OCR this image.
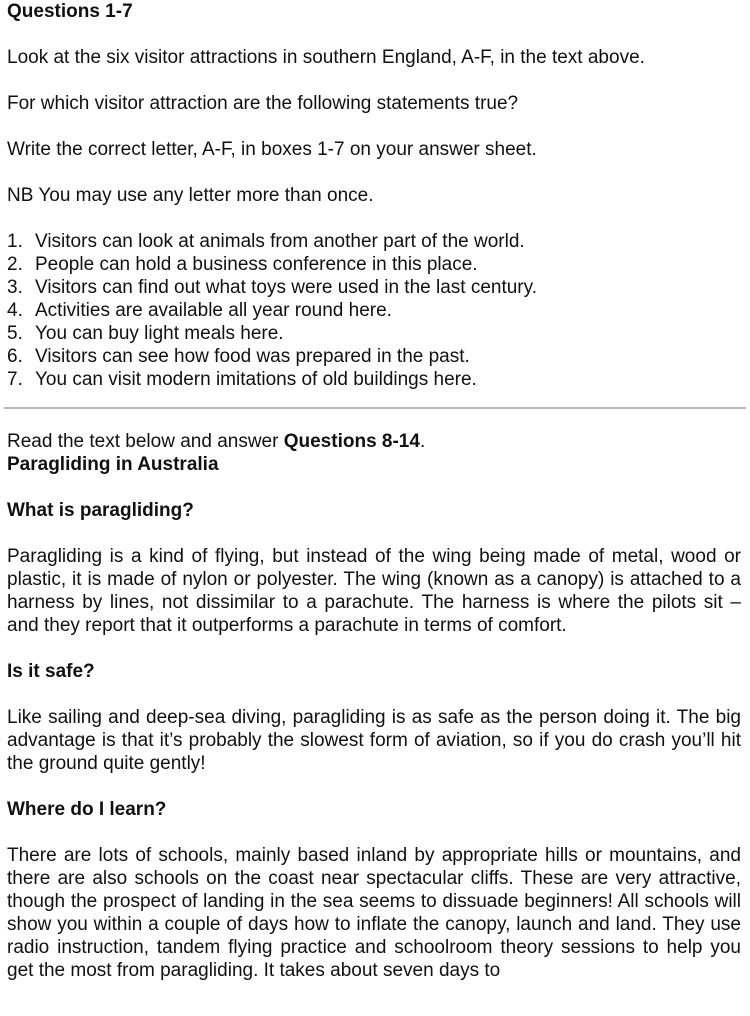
Questions 1-7

Look at the six visitor attractions in southern England, A-F, in the text above.

For which visitor attraction are the following statements true?

Write the correct letter, A-F, in boxes 1-7 on your answer sheet.

NB You may use any letter more than once.

1. Visitors can look at animals from another part of the world.
2. People can hold a business conference in this place.
3. Visitors can find out what toys were used in the last century.
4. Activities are available all year round here.
5. You can buy light meals here.
6. Visitors can see how food was prepared in the past.
7. You can visit modern imitations of old buildings here.

Read the text below and answer Questions 8-14.

Paragliding in Australia

What is paragliding?

Paragliding is a kind of flying, but instead of the wing being made of metal, wood or plastic, it is made of nylon or polyester. The wing (known as a canopy) is attached to a harness by lines, not dissimilar to a parachute. The harness is where the pilots sit – and they report that it outperforms a parachute in terms of comfort.

Is it safe?

Like sailing and deep-sea diving, paragliding is as safe as the person doing it. The big advantage is that it’s probably the slowest form of aviation, so if you do crash you’ll hit the ground quite gently!

Where do I learn?

There are lots of schools, mainly based inland by appropriate hills or mountains, and there are also schools on the coast near spectacular cliffs. These are very attractive, though the prospect of landing in the sea seems to dissuade beginners! All schools will show you within a couple of days how to inflate the canopy, launch and land. They use radio instruction, tandem flying practice and schoolroom theory sessions to help you get the most from paragliding. It takes about seven days to
